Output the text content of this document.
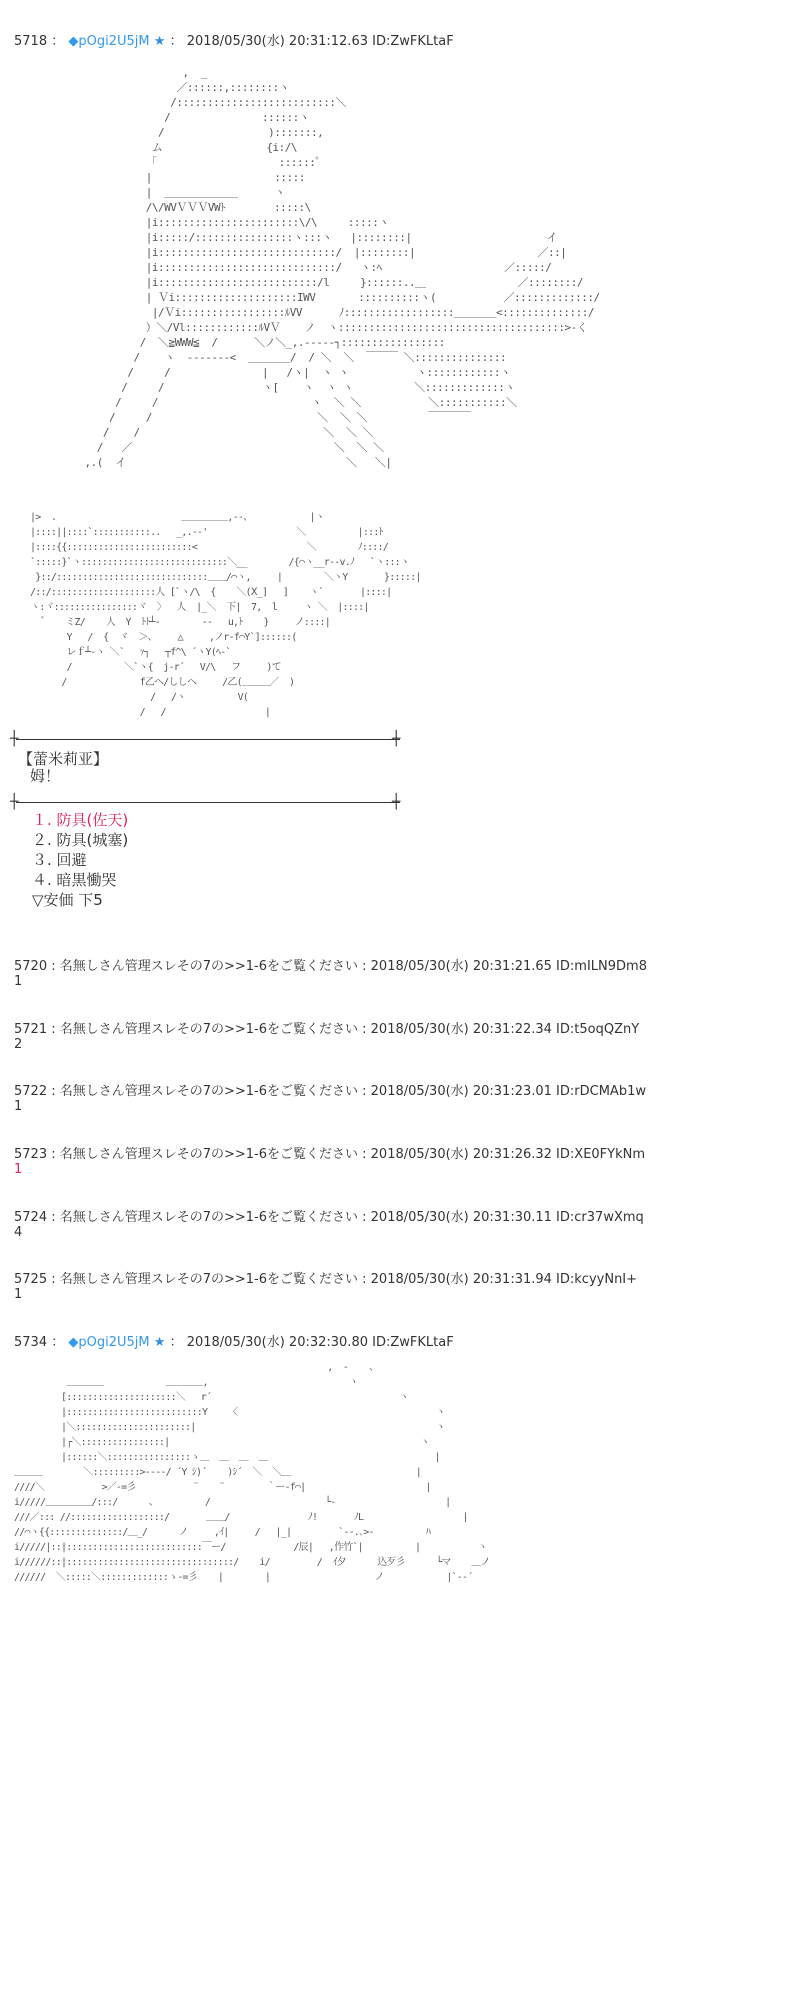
5718 ： ◆pOgi2U5jM ★ ： 2018/05/30(水) 20:31:12.63 ID:ZwFKLtaF
,  _
／::::::,::::::::ヽ
/::::::::::::::::::::::::::＼
/               ::::::ヽ
/                 ):::::::,
ム                 {i:/\
「                    ::::::゜
|                    :::::
|  ＿＿＿＿＿＿＿      ヽ
/\/WVＶＶＶVWﾄ        :::::\
|i:::::::::::::::::::::::\/\     :::::ヽ
|i:::::/::::::::::::::::ヽ:::ヽ   |::::::::|                      イ
|i:::::::::::::::::::::::::::::/  |::::::::|                    ／::|
|i:::::::::::::::::::::::::::::/   ヽ:ﾍ                    ／:::::/
|i::::::::::::::::::::::::::/l     }::::::..＿               ／::::::::/
| Ｖi::::::::::::::::::::IWV       ::::::::::ヽ(           ／:::::::::::::/
|/Ｖi:::::::::::::::::ﾙVV      ﾉ::::::::::::::::::＿＿＿＿<::::::::::::::/
）＼/Vl::::::::::::ﾙVＶ    ノ  ヽ:::::::::::::::::::::::::::::::::::::>-く
/  ＼≧WWW≦  /      ＼ノ＼_,.-‐‐‐‐┐:::::::::::::::::
/    ヽ  ‐‐‐‐‐‐‐<  ＿＿＿＿/  / ＼  ＼  ￣￣￣ ＼:::::::::::::::
/     /               |   /ヽ|  ヽ ヽ           ヽ::::::::::::ヽ
/     /                ヽ[    ヽ  ヽ ヽ          ＼:::::::::::::ヽ
/     /                         ヽ  ＼ ＼           ＼:::::::::::＼
/     /                           ＼  ＼ ＼          ￣￣￣￣
/    /                              ＼  ＼ ＼
/   ／                                 ＼  ＼ ＼
,.(  イ                                    ＼   ＼|
|>  .                        ＿＿＿＿＿,--、           |ヽ
|::::||::::`:::::::::::..   _,.-‐'                 ＼          |:::ﾄ
|::::{{::::::::::::::::::::::::<                     ＼        ﾉ::::/
`:::::}`ヽ::::::::::::::::::::::::::::＼__        /{⌒ヽ__r‐‐v.ﾉ   `ヽ:::ヽ
}::/:::::::::::::::::::::::::::::＿＿/⌒ヽ,     |        ＼ヽY       }:::::|
/::/::::::::::::::::::::人 [`ヽ/\  {    ＼(Ⅹ_]   ]    ヽ`       |::::|
ヽ:ヾ::::::::::::::::ヾ  〉  人  |_＼  下|  7,  l     ヽ ＼  |::::|
゛   ミZ/    人  Y  ﾄﾄ┴‐        ‐‐   u,ﾄ    }     ノ::::|
Y   /  {  ヾ  ＞、    △     ,ノr‐f⌒Y`]::::::(
レｆ┴-ヽ ＼`   ｧ┐   ┬f^\ ´ヽY(ﾍ‐`
/          ＼`ヽ{  j-r´   V/\   フ     )て
/              f乙へ/ししヘ     /乙(＿＿＿／  )
/   /ヽ          V(
/   /                   |
┼	┼
【蕾米莉亚】
姆！
┼	┼
１. 防具(佐天)
２. 防具(城塞)
３. 回避
４. 暗黒慟哭
▽安価 下5
5720 : 名無しさん管理スレその7の>>1-6をご覧ください : 2018/05/30(水) 20:31:21.65 ID:mILN9Dm8
1
5721 : 名無しさん管理スレその7の>>1-6をご覧ください : 2018/05/30(水) 20:31:22.34 ID:t5oqQZnY
2
5722 : 名無しさん管理スレその7の>>1-6をご覧ください : 2018/05/30(水) 20:31:23.01 ID:rDCMAb1w
1
5723 : 名無しさん管理スレその7の>>1-6をご覧ください : 2018/05/30(水) 20:31:26.32 ID:XE0FYkNm
1
5724 : 名無しさん管理スレその7の>>1-6をご覧ください : 2018/05/30(水) 20:31:30.11 ID:cr37wXmq
4
5725 : 名無しさん管理スレその7の>>1-6をご覧ください : 2018/05/30(水) 20:31:31.94 ID:kcyyNnI+
1
5734 ： ◆pOgi2U5jM ★ ： 2018/05/30(水) 20:32:30.80 ID:ZwFKLtaF
,  ‐    、
＿＿＿＿            ＿＿＿＿,                           ヽ
[:::::::::::::::::::::＼   r´                                    ヽ
|::::::::::::::::::::::::::Y    〈                                      ヽ
|＼::::::::::::::::::::::|                                              ヽ
|┌＼::::::::::::::::|                                                ヽ
|::::::＼::::::::::::::::ゝ＿  ＿  ＿  ＿                                |
＿＿＿        ＼:::::::::>‐‐‐‐/ ´Y ｼ)´    )ｼ´  ＼  ＼＿                        |
////＼           >／‐=彡           ¨    ¨        ｀ー‐f⌒|                       |
i/////＿＿＿＿＿/:::/      、         /                      └‐                     |
///／::: //::::::::::::::::::/       ＿＿/               ﾉ!       ﾉL                   |
//⌒ヽ{{::::::::::::::/＿_/      ノ     ,ｲ|     /   |_|         `‐-.､>‐          ﾊ
i/////|::|::::::::::::::::::::::::::￣ー/             /辰|   ,作竹`|          |           ヽ
i//////::|::::::::::::::::::::::::::::::::/    i/         /  ｲ夕      込歹彡      └マ    ＿ノ
//////  ＼:::::＼:::::::::::::ゝ‐=彡    |        |                    ノ            |`‐‐´
